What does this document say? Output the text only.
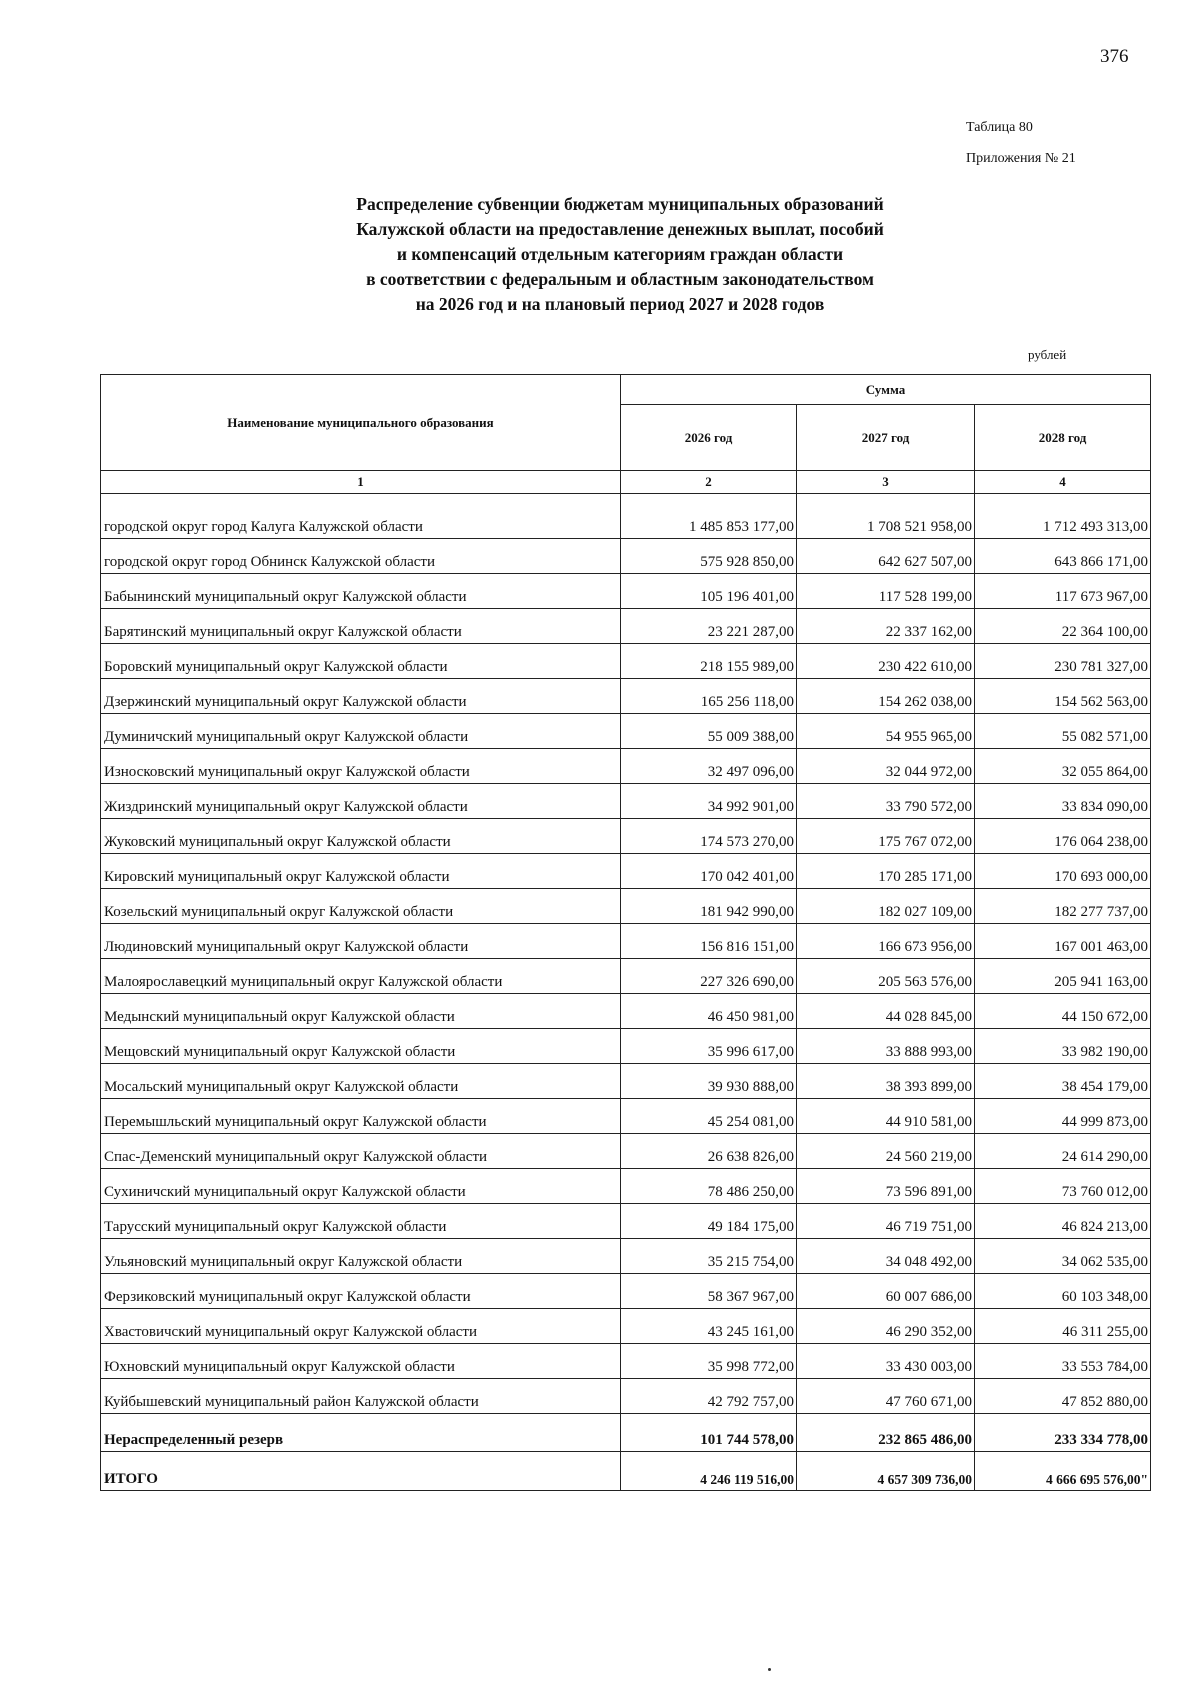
376
Таблица 80
Приложения № 21
Распределение субвенции бюджетам муниципальных образований
Калужской области на предоставление денежных выплат, пособий
и компенсаций отдельным категориям граждан области
в соответствии с федеральным и областным законодательством
на 2026 год и на плановый период 2027 и 2028 годов
рублей
Наименование муниципального образования	Сумма		
	2026 год	2027 год	2028 год
1	2	3	4
городской округ город Калуга Калужской области	1 485 853 177,00	1 708 521 958,00	1 712 493 313,00
городской округ город Обнинск Калужской области	575 928 850,00	642 627 507,00	643 866 171,00
Бабынинский муниципальный округ Калужской области	105 196 401,00	117 528 199,00	117 673 967,00
Барятинский муниципальный округ Калужской области	23 221 287,00	22 337 162,00	22 364 100,00
Боровский муниципальный округ Калужской области	218 155 989,00	230 422 610,00	230 781 327,00
Дзержинский муниципальный округ Калужской области	165 256 118,00	154 262 038,00	154 562 563,00
Думиничский муниципальный округ Калужской области	55 009 388,00	54 955 965,00	55 082 571,00
Износковский муниципальный округ Калужской области	32 497 096,00	32 044 972,00	32 055 864,00
Жиздринский муниципальный округ Калужской области	34 992 901,00	33 790 572,00	33 834 090,00
Жуковский муниципальный округ Калужской области	174 573 270,00	175 767 072,00	176 064 238,00
Кировский муниципальный округ Калужской области	170 042 401,00	170 285 171,00	170 693 000,00
Козельский муниципальный округ Калужской области	181 942 990,00	182 027 109,00	182 277 737,00
Людиновский муниципальный округ Калужской области	156 816 151,00	166 673 956,00	167 001 463,00
Малоярославецкий муниципальный округ Калужской области	227 326 690,00	205 563 576,00	205 941 163,00
Медынский муниципальный округ Калужской области	46 450 981,00	44 028 845,00	44 150 672,00
Мещовский муниципальный округ Калужской области	35 996 617,00	33 888 993,00	33 982 190,00
Мосальский муниципальный округ Калужской области	39 930 888,00	38 393 899,00	38 454 179,00
Перемышльский муниципальный округ Калужской области	45 254 081,00	44 910 581,00	44 999 873,00
Спас-Деменский муниципальный округ Калужской области	26 638 826,00	24 560 219,00	24 614 290,00
Сухиничский муниципальный округ Калужской области	78 486 250,00	73 596 891,00	73 760 012,00
Тарусский муниципальный округ Калужской области	49 184 175,00	46 719 751,00	46 824 213,00
Ульяновский муниципальный округ Калужской области	35 215 754,00	34 048 492,00	34 062 535,00
Ферзиковский муниципальный округ Калужской области	58 367 967,00	60 007 686,00	60 103 348,00
Хвастовичский муниципальный округ Калужской области	43 245 161,00	46 290 352,00	46 311 255,00
Юхновский муниципальный округ Калужской области	35 998 772,00	33 430 003,00	33 553 784,00
Куйбышевский муниципальный район Калужской области	42 792 757,00	47 760 671,00	47 852 880,00
Нераспределенный резерв	101 744 578,00	232 865 486,00	233 334 778,00
ИТОГО	4 246 119 516,00	4 657 309 736,00	4 666 695 576,00"
